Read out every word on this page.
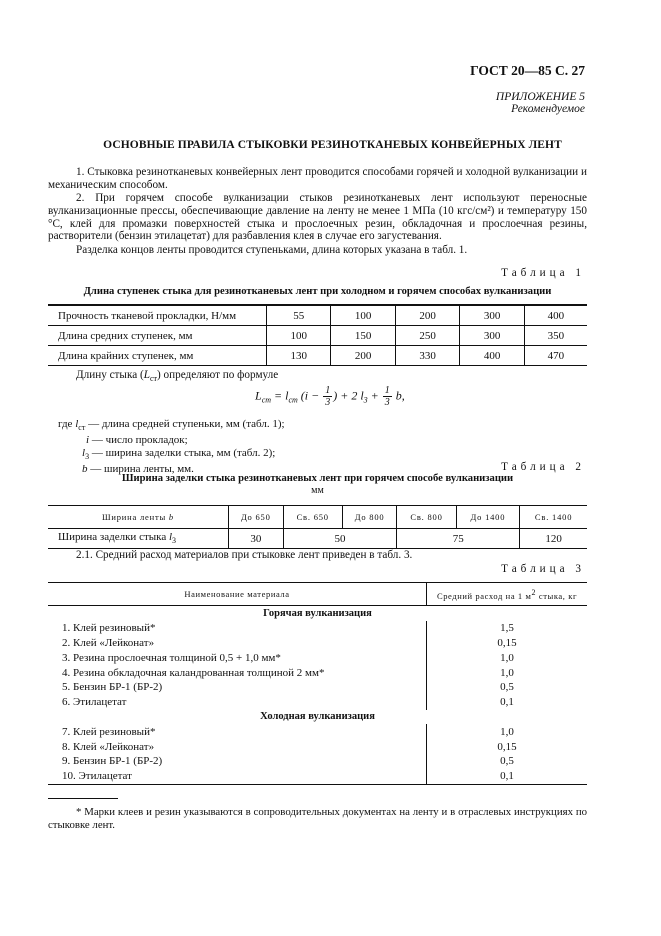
ГОСТ 20—85 С. 27
ПРИЛОЖЕНИЕ 5
Рекомендуемое
ОСНОВНЫЕ ПРАВИЛА СТЫКОВКИ РЕЗИНОТКАНЕВЫХ КОНВЕЙЕРНЫХ ЛЕНТ
1. Стыковка резинотканевых конвейерных лент проводится способами горячей и холодной вулканизации и механическим способом.
2. При горячем способе вулканизации стыков резинотканевых лент используют переносные вулканизационные прессы, обеспечивающие давление на ленту не менее 1 МПа (10 кгс/см²) и температуру 150 °С, клей для промазки поверхностей стыка и прослоечных резин, обкладочная и прослоечная резины, растворители (бензин этилацетат) для разбавления клея в случае его загустевания.
Разделка концов ленты проводится ступеньками, длина которых указана в табл. 1.
Таблица 1
Длина ступенек стыка для резинотканевых лент при холодном и горячем способах вулканизации
Прочность тканевой прокладки, Н/мм	55	100	200	300	400
Длина средних ступенек, мм	100	150	250	300	350
Длина крайних ступенек, мм	130	200	330	400	470
Длину стыка $(L_{ст})$ определяют по формуле
$L_{ст} = l_{ст}$ ($i - \frac{1}{3}$ ) + 2 $l_3 + \frac{1}{3} b$,
где $l_{ст}$ — длина средней ступеньки, мм (табл. 1);
i — число прокладок;
$l_3$ — ширина заделки стыка, мм (табл. 2);
b — ширина ленты, мм.	Таблица 2
Ширина заделки стыка резинотканевых лент при горячем способе вулканизации
мм
Ширина ленты b	До 650	Св. 650	До 800	Св. 800	До 1400	Св. 1400
Ширина заделки стыка $l_3$	30	50		75		120
2.1. Средний расход материалов при стыковке лент приведен в табл. 3.
Таблица 3
Наименование материала	Средний расход на 1 $м^2$ стыка, кг
Горячая вулканизация	
1. Клей резиновый*	1,5
2. Клей «Лейконат»	0,15
3. Резина прослоечная толщиной 0,5 + 1,0 мм*	1,0
4. Резина обкладочная каландрованная толщиной 2 мм*	1,0
5. Бензин БР-1 (БР-2)	0,5
6. Этилацетат	0,1
Холодная вулканизация	
7. Клей резиновый*	1,0
8. Клей «Лейконат»	0,15
9. Бензин БР-1 (БР-2)	0,5
10. Этилацетат	0,1
* Марки клеев и резин указываются в сопроводительных документах на ленту и в отраслевых инструкциях по стыковке лент.
